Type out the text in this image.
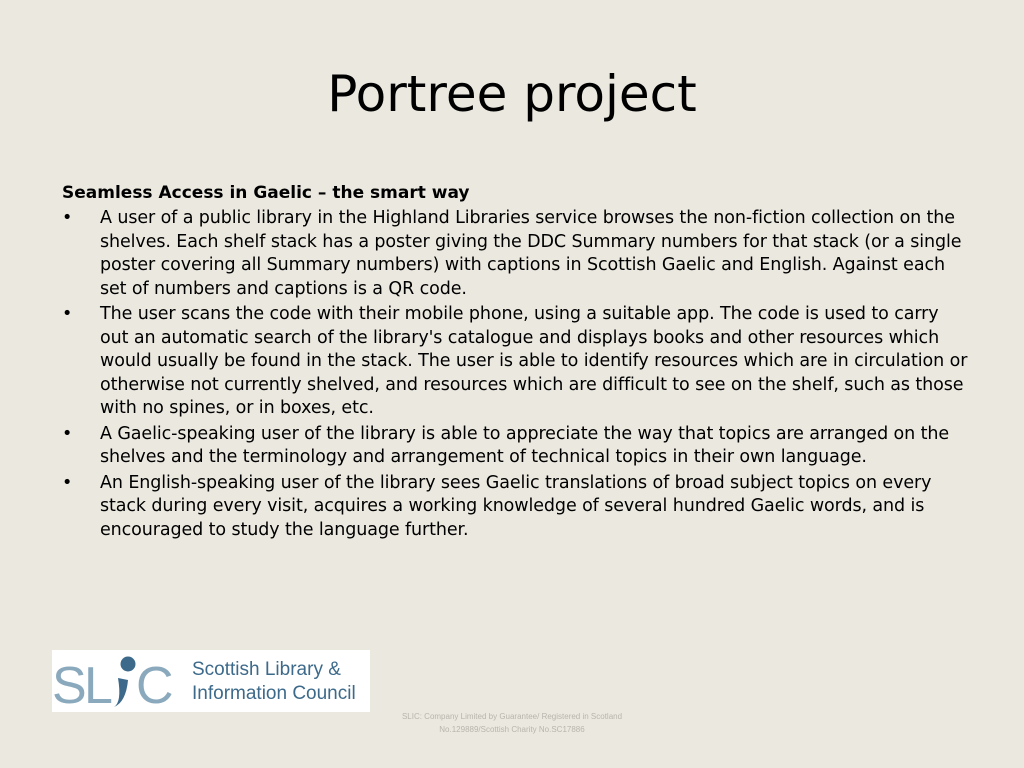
Portree project

Seamless Access in Gaelic – the smart way

•	A user of a public library in the Highland Libraries service browses the non-fiction collection on the shelves. Each shelf stack has a poster giving the DDC Summary numbers for that stack (or a single poster covering all Summary numbers) with captions in Scottish Gaelic and English. Against each set of numbers and captions is a QR code.
•	The user scans the code with their mobile phone, using a suitable app. The code is used to carry out an automatic search of the library's catalogue and displays books and other resources which would usually be found in the stack. The user is able to identify resources which are in circulation or otherwise not currently shelved, and resources which are difficult to see on the shelf, such as those with no spines, or in boxes, etc.
•	A Gaelic-speaking user of the library is able to appreciate the way that topics are arranged on the shelves and the terminology and arrangement of technical topics in their own language.
•	An English-speaking user of the library sees Gaelic translations of broad subject topics on every stack during every visit, acquires a working knowledge of several hundred Gaelic words, and is encouraged to study the language further.
S
L C Scottish Library &
Information Council
SLIC: Company Limited by Guarantee/ Registered in Scotland
No.129889/Scottish Charity No.SC17886
